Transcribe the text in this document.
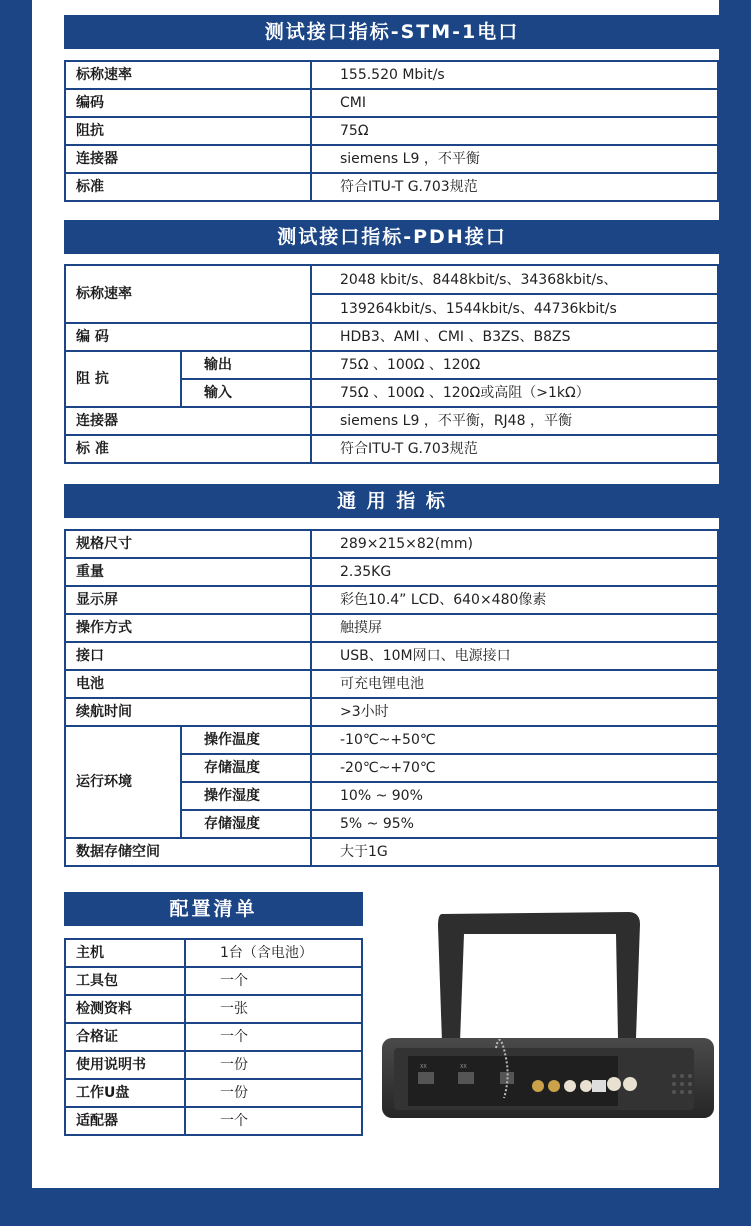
测试接口指标-STM-1电口
标称速率	155.520 Mbit/s
编码	CMI
阻抗	75Ω
连接器	siemens L9 ，不平衡
标准	符合ITU-T G.703规范
测试接口指标-PDH接口
标称速率		2048 kbit/s、8448kbit/s、34368kbit/s、
		139264kbit/s、1544kbit/s、44736kbit/s
编 码		HDB3、AMI 、CMI 、B3ZS、B8ZS
阻 抗	输出	75Ω 、100Ω 、120Ω
	输入	75Ω 、100Ω 、120Ω或高阻（>1kΩ）
连接器		siemens L9 ，不平衡，RJ48 ，平衡
标 准		符合ITU-T G.703规范
通 用 指 标
规格尺寸		289×215×82(mm)
重量		2.35KG
显示屏		彩色10.4” LCD、640×480像素
操作方式		触摸屏
接口		USB、10M网口、电源接口
电池		可充电锂电池
续航时间		>3小时
运行环境	操作温度	-10℃~+50℃
	存储温度	-20℃~+70℃
	操作湿度	10% ~ 90%
	存储湿度	5% ~ 95%
数据存储空间		大于1G
配置清单
主机	1台（含电池）
工具包	一个
检测资料	一张
合格证	一个
使用说明书	一份
工作U盘	一份
适配器	一个
XX	XX
